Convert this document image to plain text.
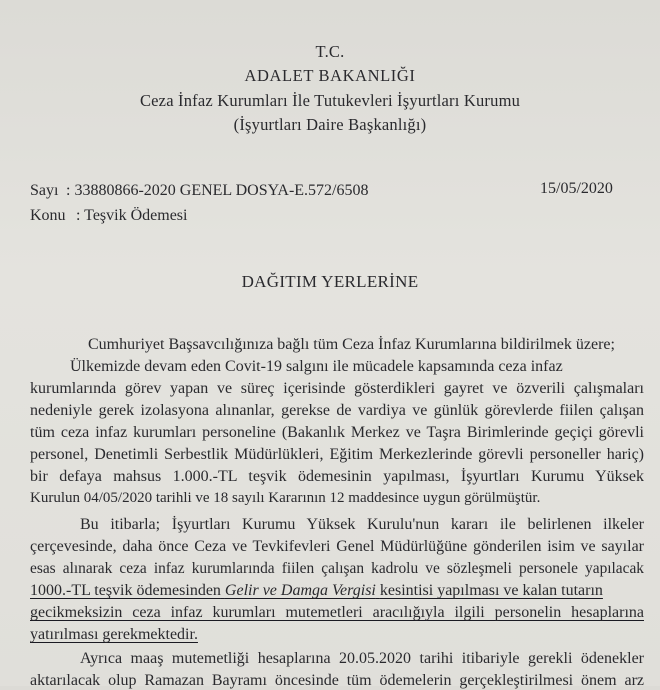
T.C.
ADALET BAKANLIĞI
Ceza İnfaz Kurumları İle Tutukevleri İşyurtları Kurumu
(İşyurtları Daire Başkanlığı)
Sayı : 33880866-2020 GENEL DOSYA-E.572/6508	15/05/2020
Konu : Teşvik Ödemesi
DAĞITIM YERLERİNE
Cumhuriyet Başsavcılığınıza bağlı tüm Ceza İnfaz Kurumlarına bildirilmek üzere;
Ülkemizde devam eden Covit-19 salgını ile mücadele kapsamında ceza infaz
kurumlarında görev yapan ve süreç içerisinde gösterdikleri gayret ve özverili çalışmaları
nedeniyle gerek izolasyona alınanlar, gerekse de vardiya ve günlük görevlerde fiilen çalışan
tüm ceza infaz kurumları personeline (Bakanlık Merkez ve Taşra Birimlerinde geçiçi görevli
personel, Denetimli Serbestlik Müdürlükleri, Eğitim Merkezlerinde görevli personeller hariç)
bir defaya mahsus 1.000.-TL teşvik ödemesinin yapılması, İşyurtları Kurumu Yüksek
Kurulun 04/05/2020 tarihli ve 18 sayılı Kararının 12 maddesince uygun görülmüştür.
Bu itibarla; İşyurtları Kurumu Yüksek Kurulu'nun kararı ile belirlenen ilkeler
çerçevesinde, daha önce Ceza ve Tevkifevleri Genel Müdürlüğüne gönderilen isim ve sayılar
esas alınarak ceza infaz kurumlarında fiilen çalışan kadrolu ve sözleşmeli personele yapılacak
1000.-TL teşvik ödemesinden Gelir ve Damga Vergisi kesintisi yapılması ve kalan tutarın
gecikmeksizin ceza infaz kurumları mutemetleri aracılığıyla ilgili personelin hesaplarına
yatırılması gerekmektedir.
Ayrıca maaş mutemetliği hesaplarına 20.05.2020 tarihi itibariyle gerekli ödenekler
aktarılacak olup Ramazan Bayramı öncesinde tüm ödemelerin gerçekleştirilmesi önem arz
